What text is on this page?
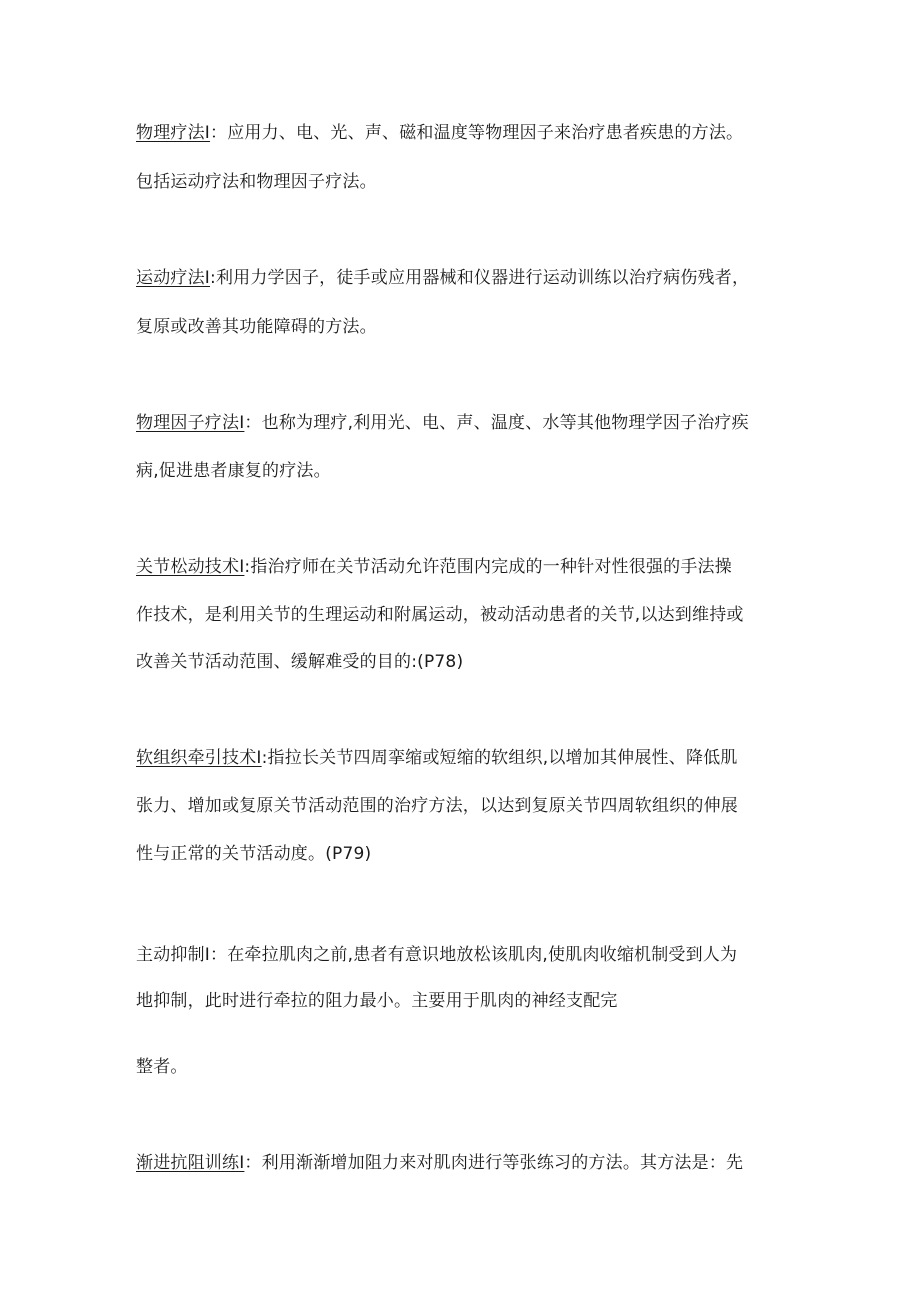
物理疗法I：应用力、电、光、声、磁和温度等物理因子来治疗患者疾患的方法。
包括运动疗法和物理因子疗法。
运动疗法I:利用力学因子，徒手或应用器械和仪器进行运动训练以治疗病伤残者，
复原或改善其功能障碍的方法。
物理因子疗法I：也称为理疗,利用光、电、声、温度、水等其他物理学因子治疗疾
病,促进患者康复的疗法。
关节松动技术I:指治疗师在关节活动允许范围内完成的一种针对性很强的手法操
作技术，是利用关节的生理运动和附属运动，被动活动患者的关节,以达到维持或
改善关节活动范围、缓解难受的目的:(P78)
软组织牵引技术I:指拉长关节四周挛缩或短缩的软组织,以增加其伸展性、降低肌
张力、增加或复原关节活动范围的治疗方法，以达到复原关节四周软组织的伸展
性与正常的关节活动度。(P79)
主动抑制I：在牵拉肌肉之前,患者有意识地放松该肌肉,使肌肉收缩机制受到人为
地抑制，此时进行牵拉的阻力最小。主要用于肌肉的神经支配完
整者。
渐进抗阻训练I：利用渐渐增加阻力来对肌肉进行等张练习的方法。其方法是：先
